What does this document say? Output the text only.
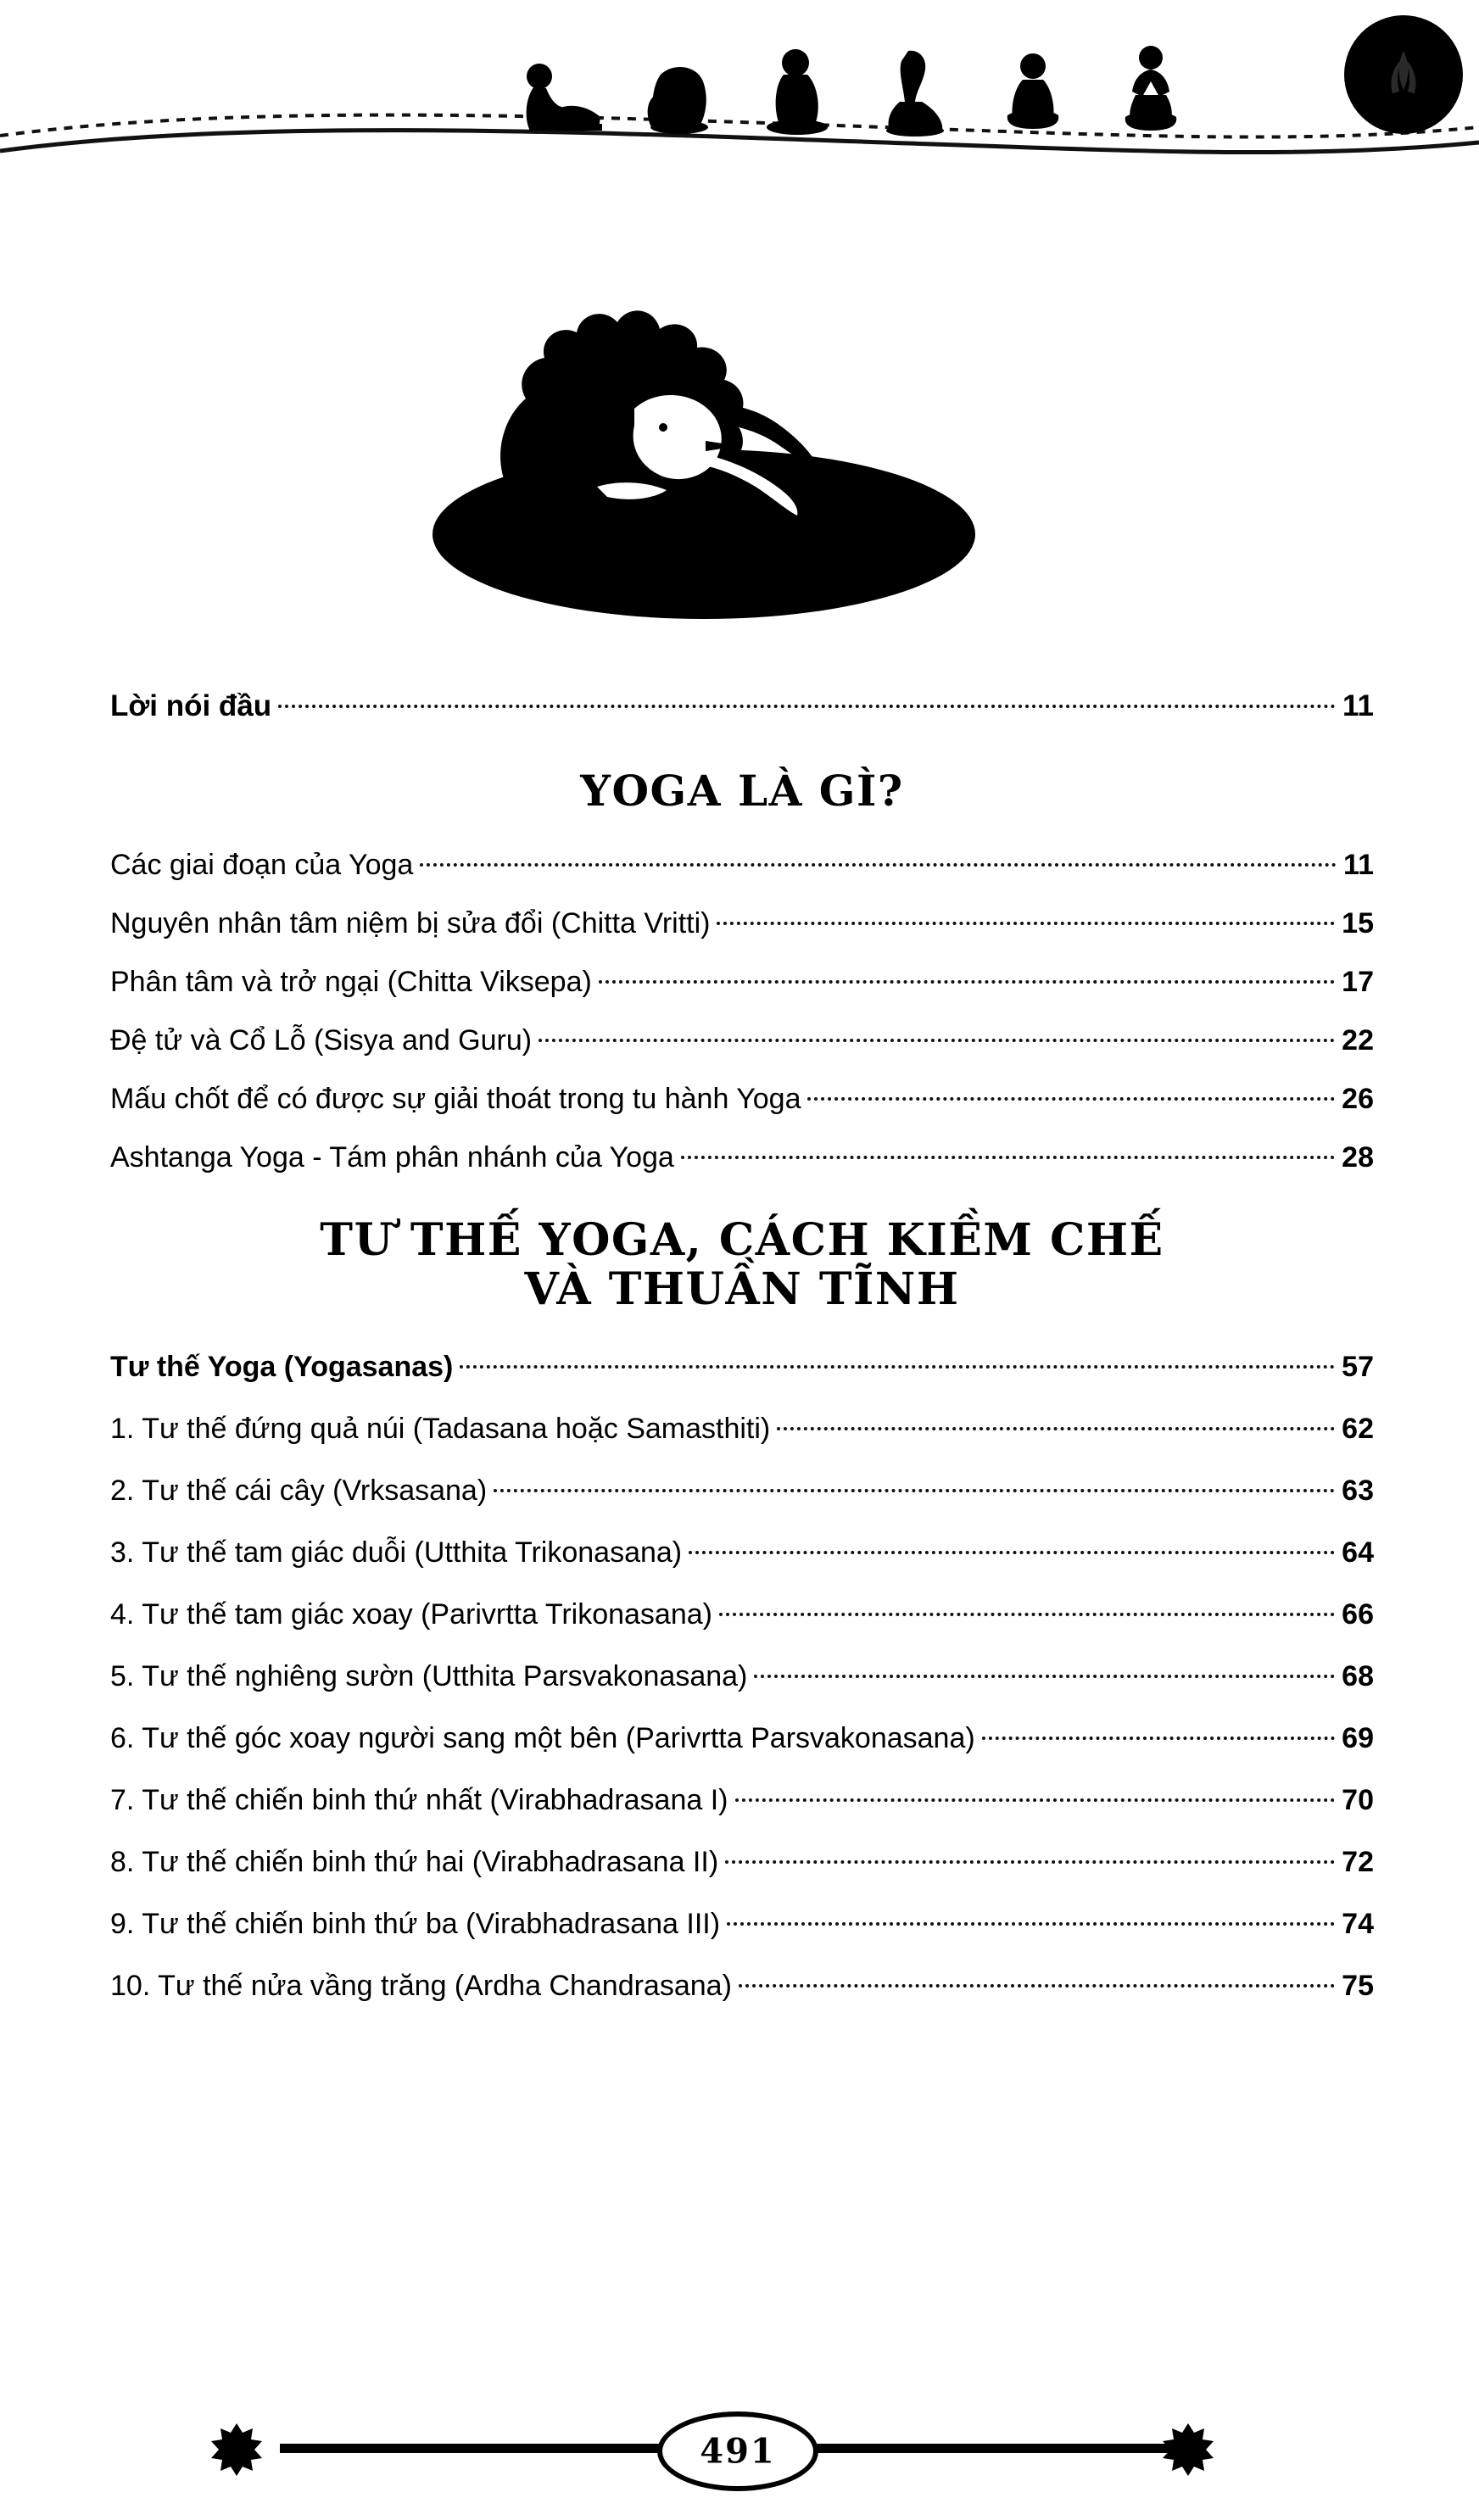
Lời nói đầu	11
YOGA LÀ GÌ?
Các giai đoạn của Yoga	11
Nguyên nhân tâm niệm bị sửa đổi (Chitta Vritti)	15
Phân tâm và trở ngại (Chitta Viksepa)	17
Đệ tử và Cổ Lỗ (Sisya and Guru)	22
Mấu chốt để có được sự giải thoát trong tu hành Yoga	26
Ashtanga Yoga - Tám phân nhánh của Yoga	28
TƯ THẾ YOGA, CÁCH KIỀM CHẾ
VÀ THUẦN TĨNH
Tư thế Yoga (Yogasanas)	57
1. Tư thế đứng quả núi (Tadasana hoặc Samasthiti)	62
2. Tư thế cái cây (Vrksasana)	63
3. Tư thế tam giác duỗi (Utthita Trikonasana)	64
4. Tư thế tam giác xoay (Parivrtta Trikonasana)	66
5. Tư thế nghiêng sườn (Utthita Parsvakonasana)	68
6. Tư thế góc xoay người sang một bên (Parivrtta Parsvakonasana)	69
7. Tư thế chiến binh thứ nhất (Virabhadrasana I)	70
8. Tư thế chiến binh thứ hai (Virabhadrasana II)	72
9. Tư thế chiến binh thứ ba (Virabhadrasana III)	74
10. Tư thế nửa vầng trăng (Ardha Chandrasana)	75
491
